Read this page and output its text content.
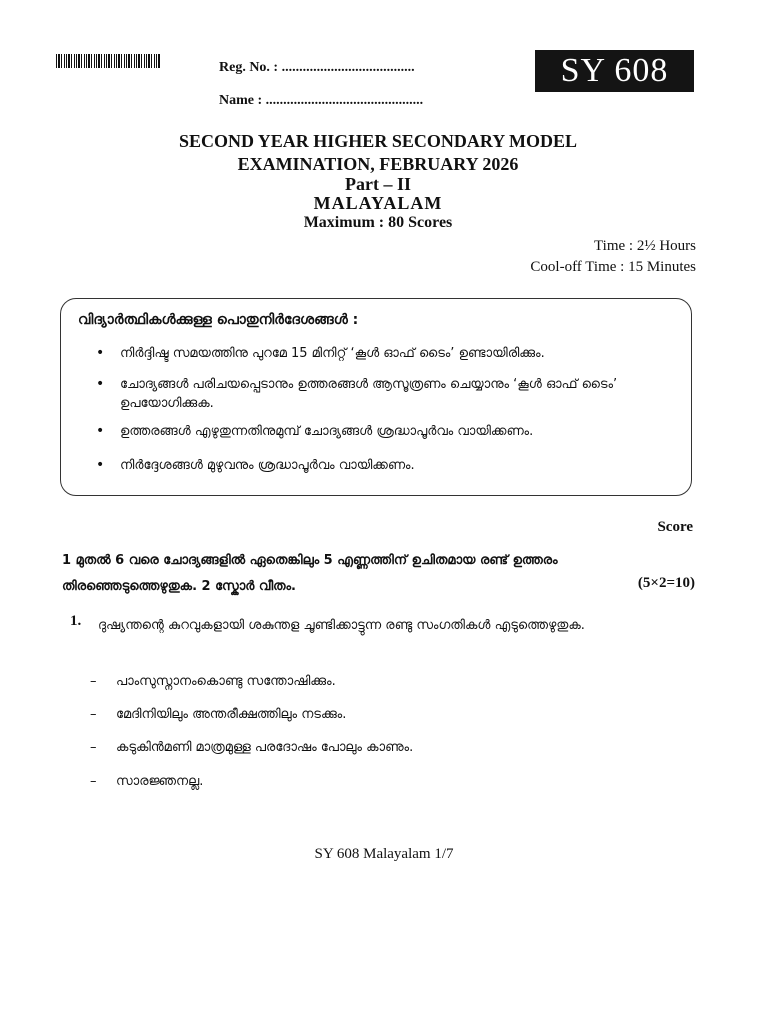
Reg. No. : ......................................
Name : .............................................
SY 608
SECOND YEAR HIGHER SECONDARY MODEL
EXAMINATION, FEBRUARY 2026
Part – II
MALAYALAM
Maximum : 80 Scores
Time : 2½ Hours
Cool-off Time : 15 Minutes
വിദ്യാർത്ഥികൾക്കുള്ള പൊതുനിർദേശങ്ങൾ :
• നിർദ്ദിഷ്ട സമയത്തിനു പുറമേ 15 മിനിറ്റ് ‘കൂൾ ഓഫ് ടൈം’ ഉണ്ടായിരിക്കും.
• ചോദ്യങ്ങൾ പരിചയപ്പെടാനും ഉത്തരങ്ങൾ ആസൂത്രണം ചെയ്യാനും ‘കൂൾ ഓഫ് ടൈം’ ഉപയോഗിക്കുക.
• ഉത്തരങ്ങൾ എഴുതുന്നതിനുമുമ്പ് ചോദ്യങ്ങൾ ശ്രദ്ധാപൂർവം വായിക്കണം.
• നിർദ്ദേശങ്ങൾ മുഴുവനും ശ്രദ്ധാപൂർവം വായിക്കണം.
Score
1 മുതൽ 6 വരെ ചോദ്യങ്ങളിൽ ഏതെങ്കിലും 5 എണ്ണത്തിന് ഉചിതമായ രണ്ട് ഉത്തരം തിരഞ്ഞെടുത്തെഴുതുക. 2 സ്കോർ വീതം.	(5×2=10)
1. ദുഷ്യന്തന്റെ കുറവുകളായി ശകുന്തള ചൂണ്ടിക്കാട്ടുന്ന രണ്ടു സംഗതികൾ എടുത്തെഴുതുക.
– പാംസുസ്നാനംകൊണ്ടു സന്തോഷിക്കും.
– മേദിനിയിലും അന്തരീക്ഷത്തിലും നടക്കും.
– കടുകിൻമണി മാത്രമുള്ള പരദോഷം പോലും കാണും.
– സാരജ്ഞനല്ല.
SY 608 Malayalam 1/7
